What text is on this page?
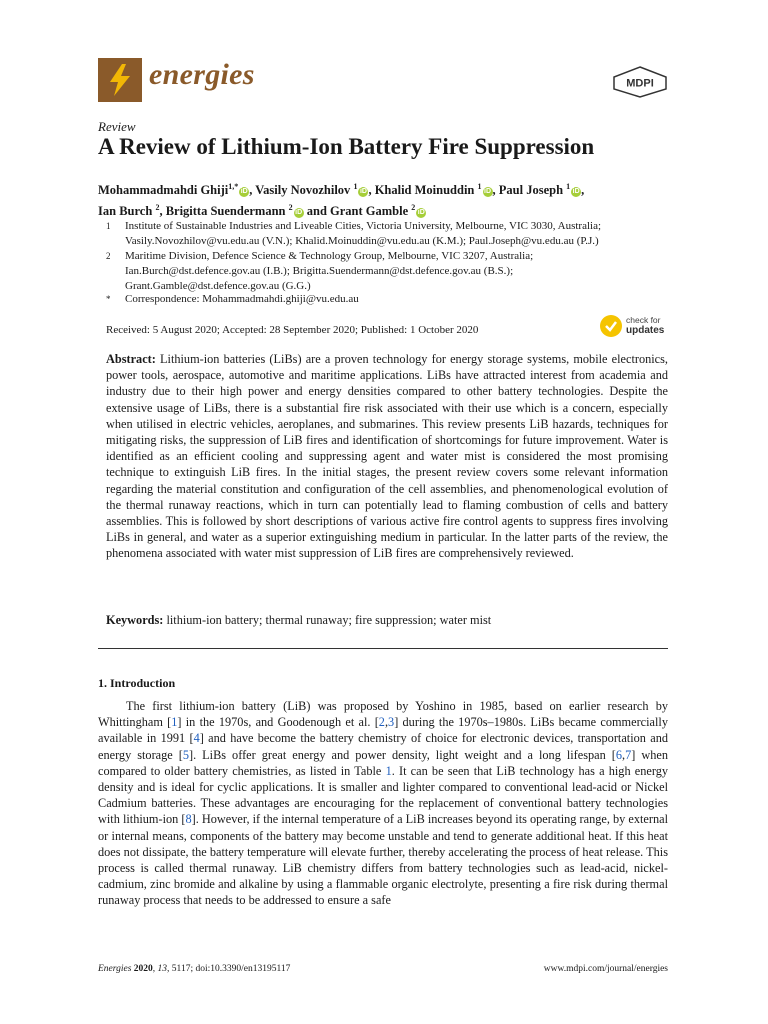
energies	MDPI
Review
A Review of Lithium-Ion Battery Fire Suppression
Mohammadmahdi Ghiji$^{1,*}$iD , Vasily Novozhilov $^1$iD , Khalid Moinuddin $^1$iD , Paul Joseph $^1$iD ,
Ian Burch $^2$, Brigitta Suendermann $^2$iD and Grant Gamble $^2$iD
1 Institute of Sustainable Industries and Liveable Cities, Victoria University, Melbourne, VIC 3030, Australia;
Vasily.Novozhilov@vu.edu.au (V.N.); Khalid.Moinuddin@vu.edu.au (K.M.); Paul.Joseph@vu.edu.au (P.J.)
2 Maritime Division, Defence Science & Technology Group, Melbourne, VIC 3207, Australia;
Ian.Burch@dst.defence.gov.au (I.B.); Brigitta.Suendermann@dst.defence.gov.au (B.S.);
Grant.Gamble@dst.defence.gov.au (G.G.)
* Correspondence: Mohammadmahdi.ghiji@vu.edu.au
Received: 5 August 2020; Accepted: 28 September 2020; Published: 1 October 2020
check for
updates

Abstract: Lithium-ion batteries (LiBs) are a proven technology for energy storage systems, mobile electronics, power tools, aerospace, automotive and maritime applications. LiBs have attracted interest from academia and industry due to their high power and energy densities compared to other battery technologies. Despite the extensive usage of LiBs, there is a substantial fire risk associated with their use which is a concern, especially when utilised in electric vehicles, aeroplanes, and submarines. This review presents LiB hazards, techniques for mitigating risks, the suppression of LiB fires and identification of shortcomings for future improvement. Water is identified as an efficient cooling and suppressing agent and water mist is considered the most promising technique to extinguish LiB fires. In the initial stages, the present review covers some relevant information regarding the material constitution and configuration of the cell assemblies, and phenomenological evolution of the thermal runaway reactions, which in turn can potentially lead to flaming combustion of cells and battery assemblies. This is followed by short descriptions of various active fire control agents to suppress fires involving LiBs in general, and water as a superior extinguishing medium in particular. In the latter parts of the review, the phenomena associated with water mist suppression of LiB fires are comprehensively reviewed.

Keywords: lithium-ion battery; thermal runaway; fire suppression; water mist

1. Introduction

The first lithium-ion battery (LiB) was proposed by Yoshino in 1985, based on earlier research by Whittingham [1] in the 1970s, and Goodenough et al. [2,3] during the 1970s–1980s. LiBs became commercially available in 1991 [4] and have become the battery chemistry of choice for electronic devices, transportation and energy storage [5]. LiBs offer great energy and power density, light weight and a long lifespan [6,7] when compared to older battery chemistries, as listed in Table 1. It can be seen that LiB technology has a high energy density and is ideal for cyclic applications. It is smaller and lighter compared to conventional lead-acid or Nickel Cadmium batteries. These advantages are encouraging for the replacement of conventional battery technologies with lithium-ion [8]. However, if the internal temperature of a LiB increases beyond its operating range, by external or internal means, components of the battery may become unstable and tend to generate additional heat. If this heat does not dissipate, the battery temperature will elevate further, thereby accelerating the process of heat release. This process is called thermal runaway. LiB chemistry differs from battery technologies such as lead-acid, nickel-cadmium, zinc bromide and alkaline by using a flammable organic electrolyte, presenting a fire risk during thermal runaway process that needs to be addressed to ensure a safe

Energies 2020, 13, 5117; doi:10.3390/en13195117	www.mdpi.com/journal/energies
